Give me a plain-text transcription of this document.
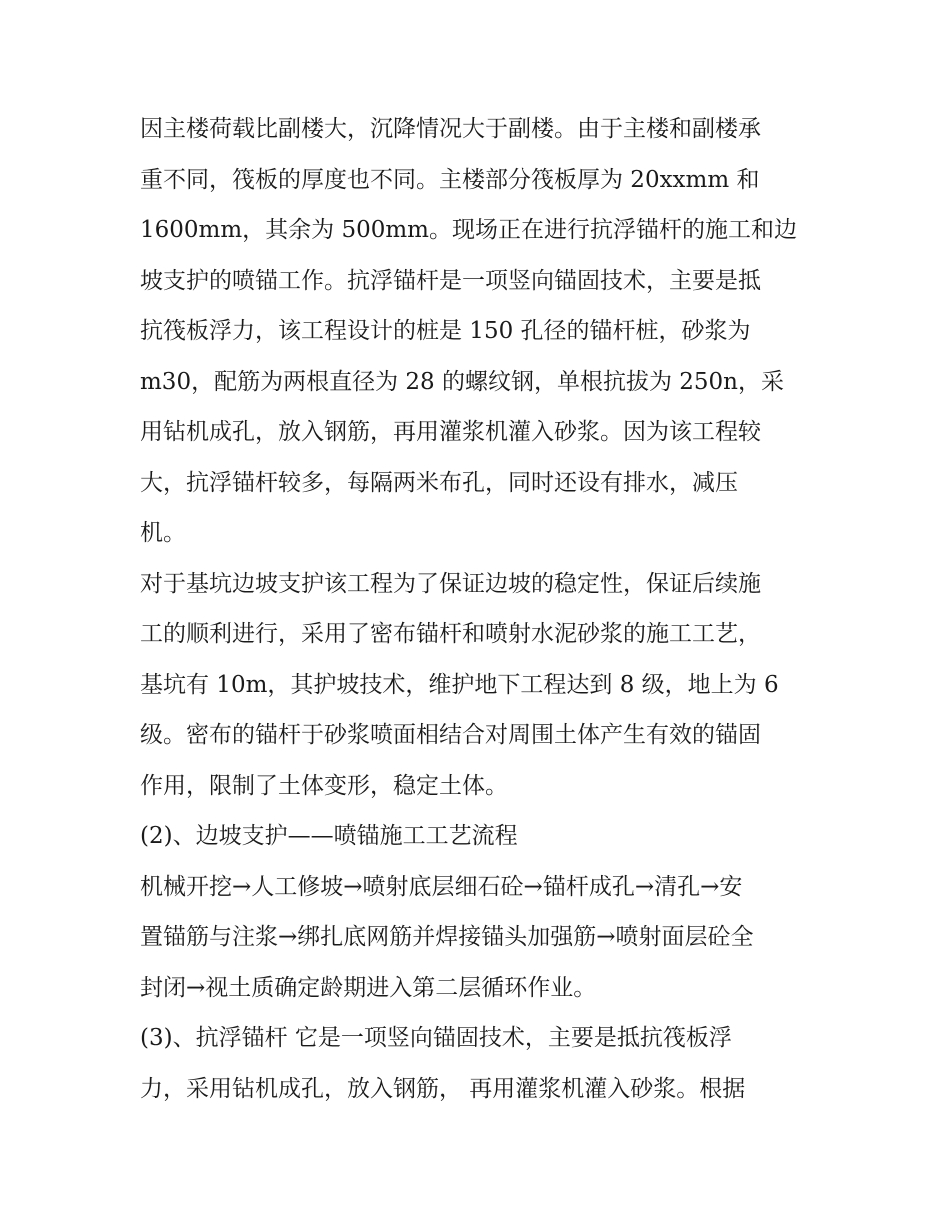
因主楼荷载比副楼大，沉降情况大于副楼。由于主楼和副楼承
重不同，筏板的厚度也不同。主楼部分筏板厚为 20xxmm 和
1600mm，其余为 500mm。现场正在进行抗浮锚杆的施工和边
坡支护的喷锚工作。抗浮锚杆是一项竖向锚固技术，主要是抵
抗筏板浮力，该工程设计的桩是 150 孔径的锚杆桩，砂浆为
m30，配筋为两根直径为 28 的螺纹钢，单根抗拔为 250n，采
用钻机成孔，放入钢筋，再用灌浆机灌入砂浆。因为该工程较
大，抗浮锚杆较多，每隔两米布孔，同时还设有排水，减压
机。
对于基坑边坡支护该工程为了保证边坡的稳定性，保证后续施
工的顺利进行，采用了密布锚杆和喷射水泥砂浆的施工工艺，
基坑有 10m，其护坡技术，维护地下工程达到 8 级，地上为 6
级。密布的锚杆于砂浆喷面相结合对周围土体产生有效的锚固
作用，限制了土体变形，稳定土体。
(2)、边坡支护——喷锚施工工艺流程
机械开挖→人工修坡→喷射底层细石砼→锚杆成孔→清孔→安
置锚筋与注浆→绑扎底网筋并焊接锚头加强筋→喷射面层砼全
封闭→视土质确定龄期进入第二层循环作业。
(3)、抗浮锚杆 它是一项竖向锚固技术，主要是抵抗筏板浮
力，采用钻机成孔，放入钢筋， 再用灌浆机灌入砂浆。根据
